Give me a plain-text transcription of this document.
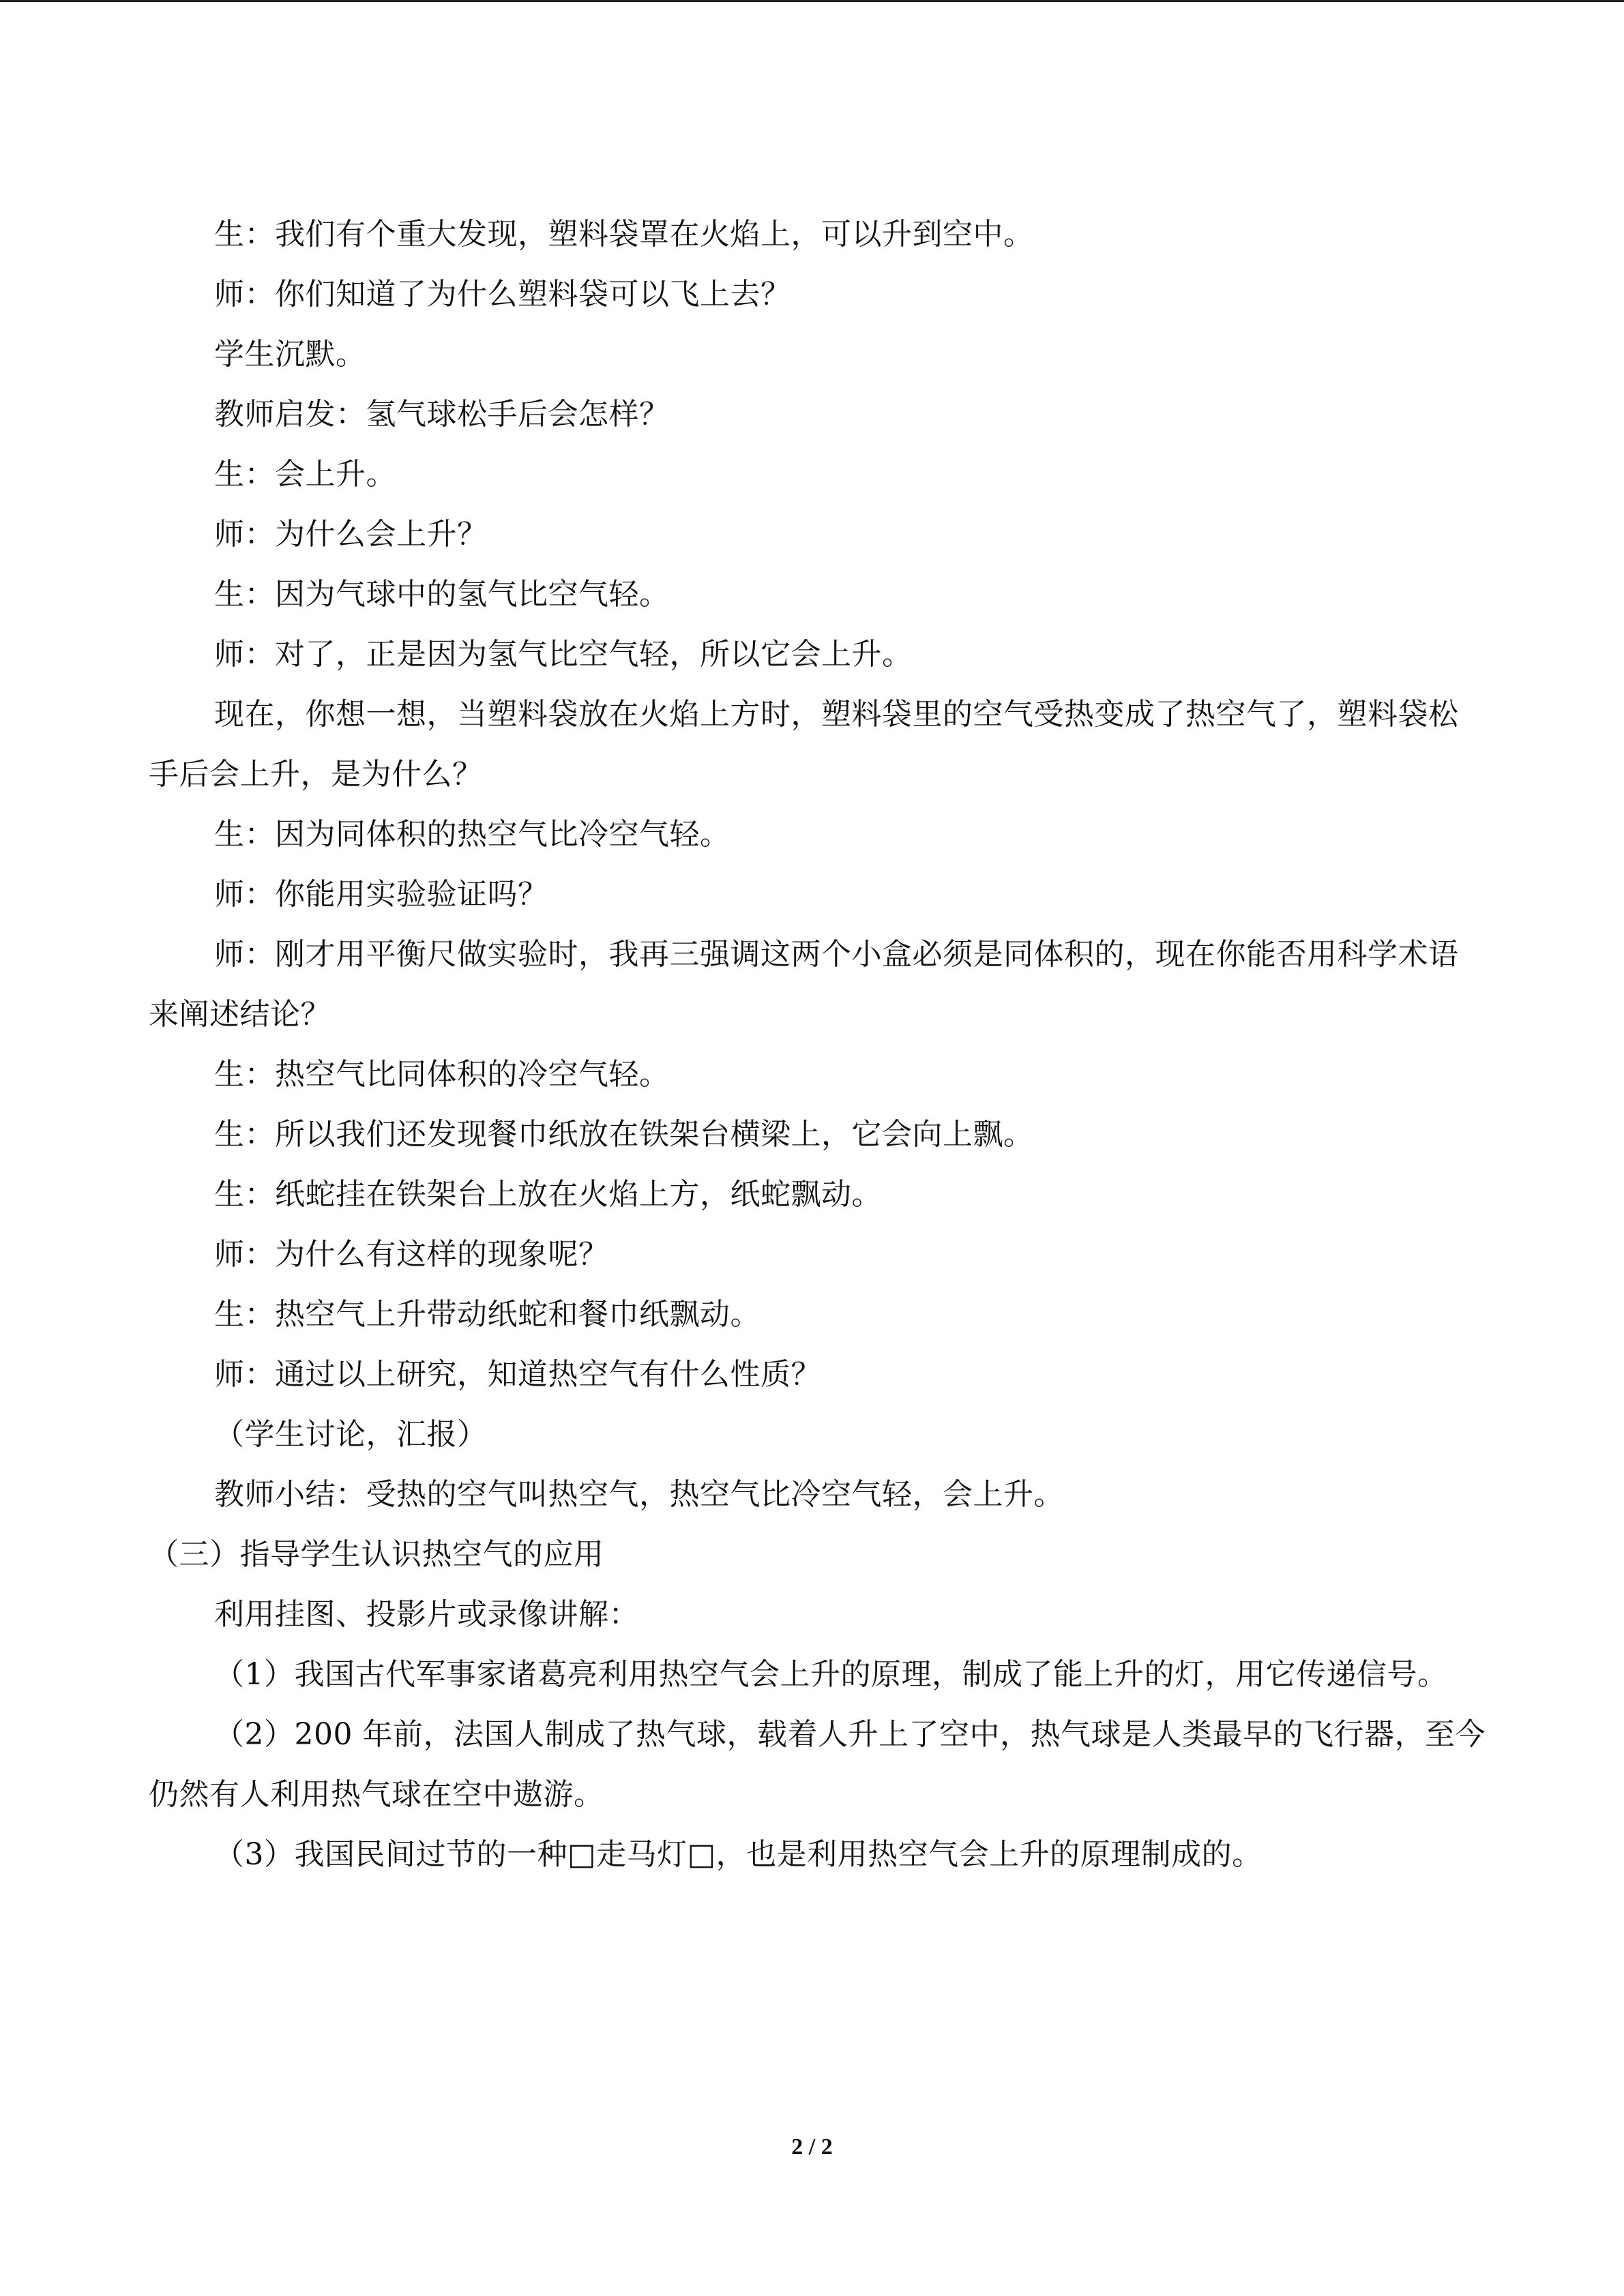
生：我们有个重大发现，塑料袋罩在火焰上，可以升到空中。

师：你们知道了为什么塑料袋可以飞上去？

学生沉默。

教师启发：氢气球松手后会怎样？

生：会上升。

师：为什么会上升？

生：因为气球中的氢气比空气轻。

师：对了，正是因为氢气比空气轻，所以它会上升。

现在，你想一想，当塑料袋放在火焰上方时，塑料袋里的空气受热变成了热空气了，塑料袋松手后会上升，是为什么？

生：因为同体积的热空气比冷空气轻。

师：你能用实验验证吗？

师：刚才用平衡尺做实验时，我再三强调这两个小盒必须是同体积的，现在你能否用科学术语来阐述结论？

生：热空气比同体积的冷空气轻。

生：所以我们还发现餐巾纸放在铁架台横梁上，它会向上飘。

生：纸蛇挂在铁架台上放在火焰上方，纸蛇飘动。

师：为什么有这样的现象呢？

生：热空气上升带动纸蛇和餐巾纸飘动。

师：通过以上研究，知道热空气有什么性质？

（学生讨论，汇报）

教师小结：受热的空气叫热空气，热空气比冷空气轻，会上升。

（三）指导学生认识热空气的应用

利用挂图、投影片或录像讲解：

（1）我国古代军事家诸葛亮利用热空气会上升的原理，制成了能上升的灯，用它传递信号。

（2）200 年前，法国人制成了热气球，载着人升上了空中，热气球是人类最早的飞行器，至今仍然有人利用热气球在空中遨游。

（3）我国民间过节的一种□走马灯□，也是利用热空气会上升的原理制成的。

2 / 2
